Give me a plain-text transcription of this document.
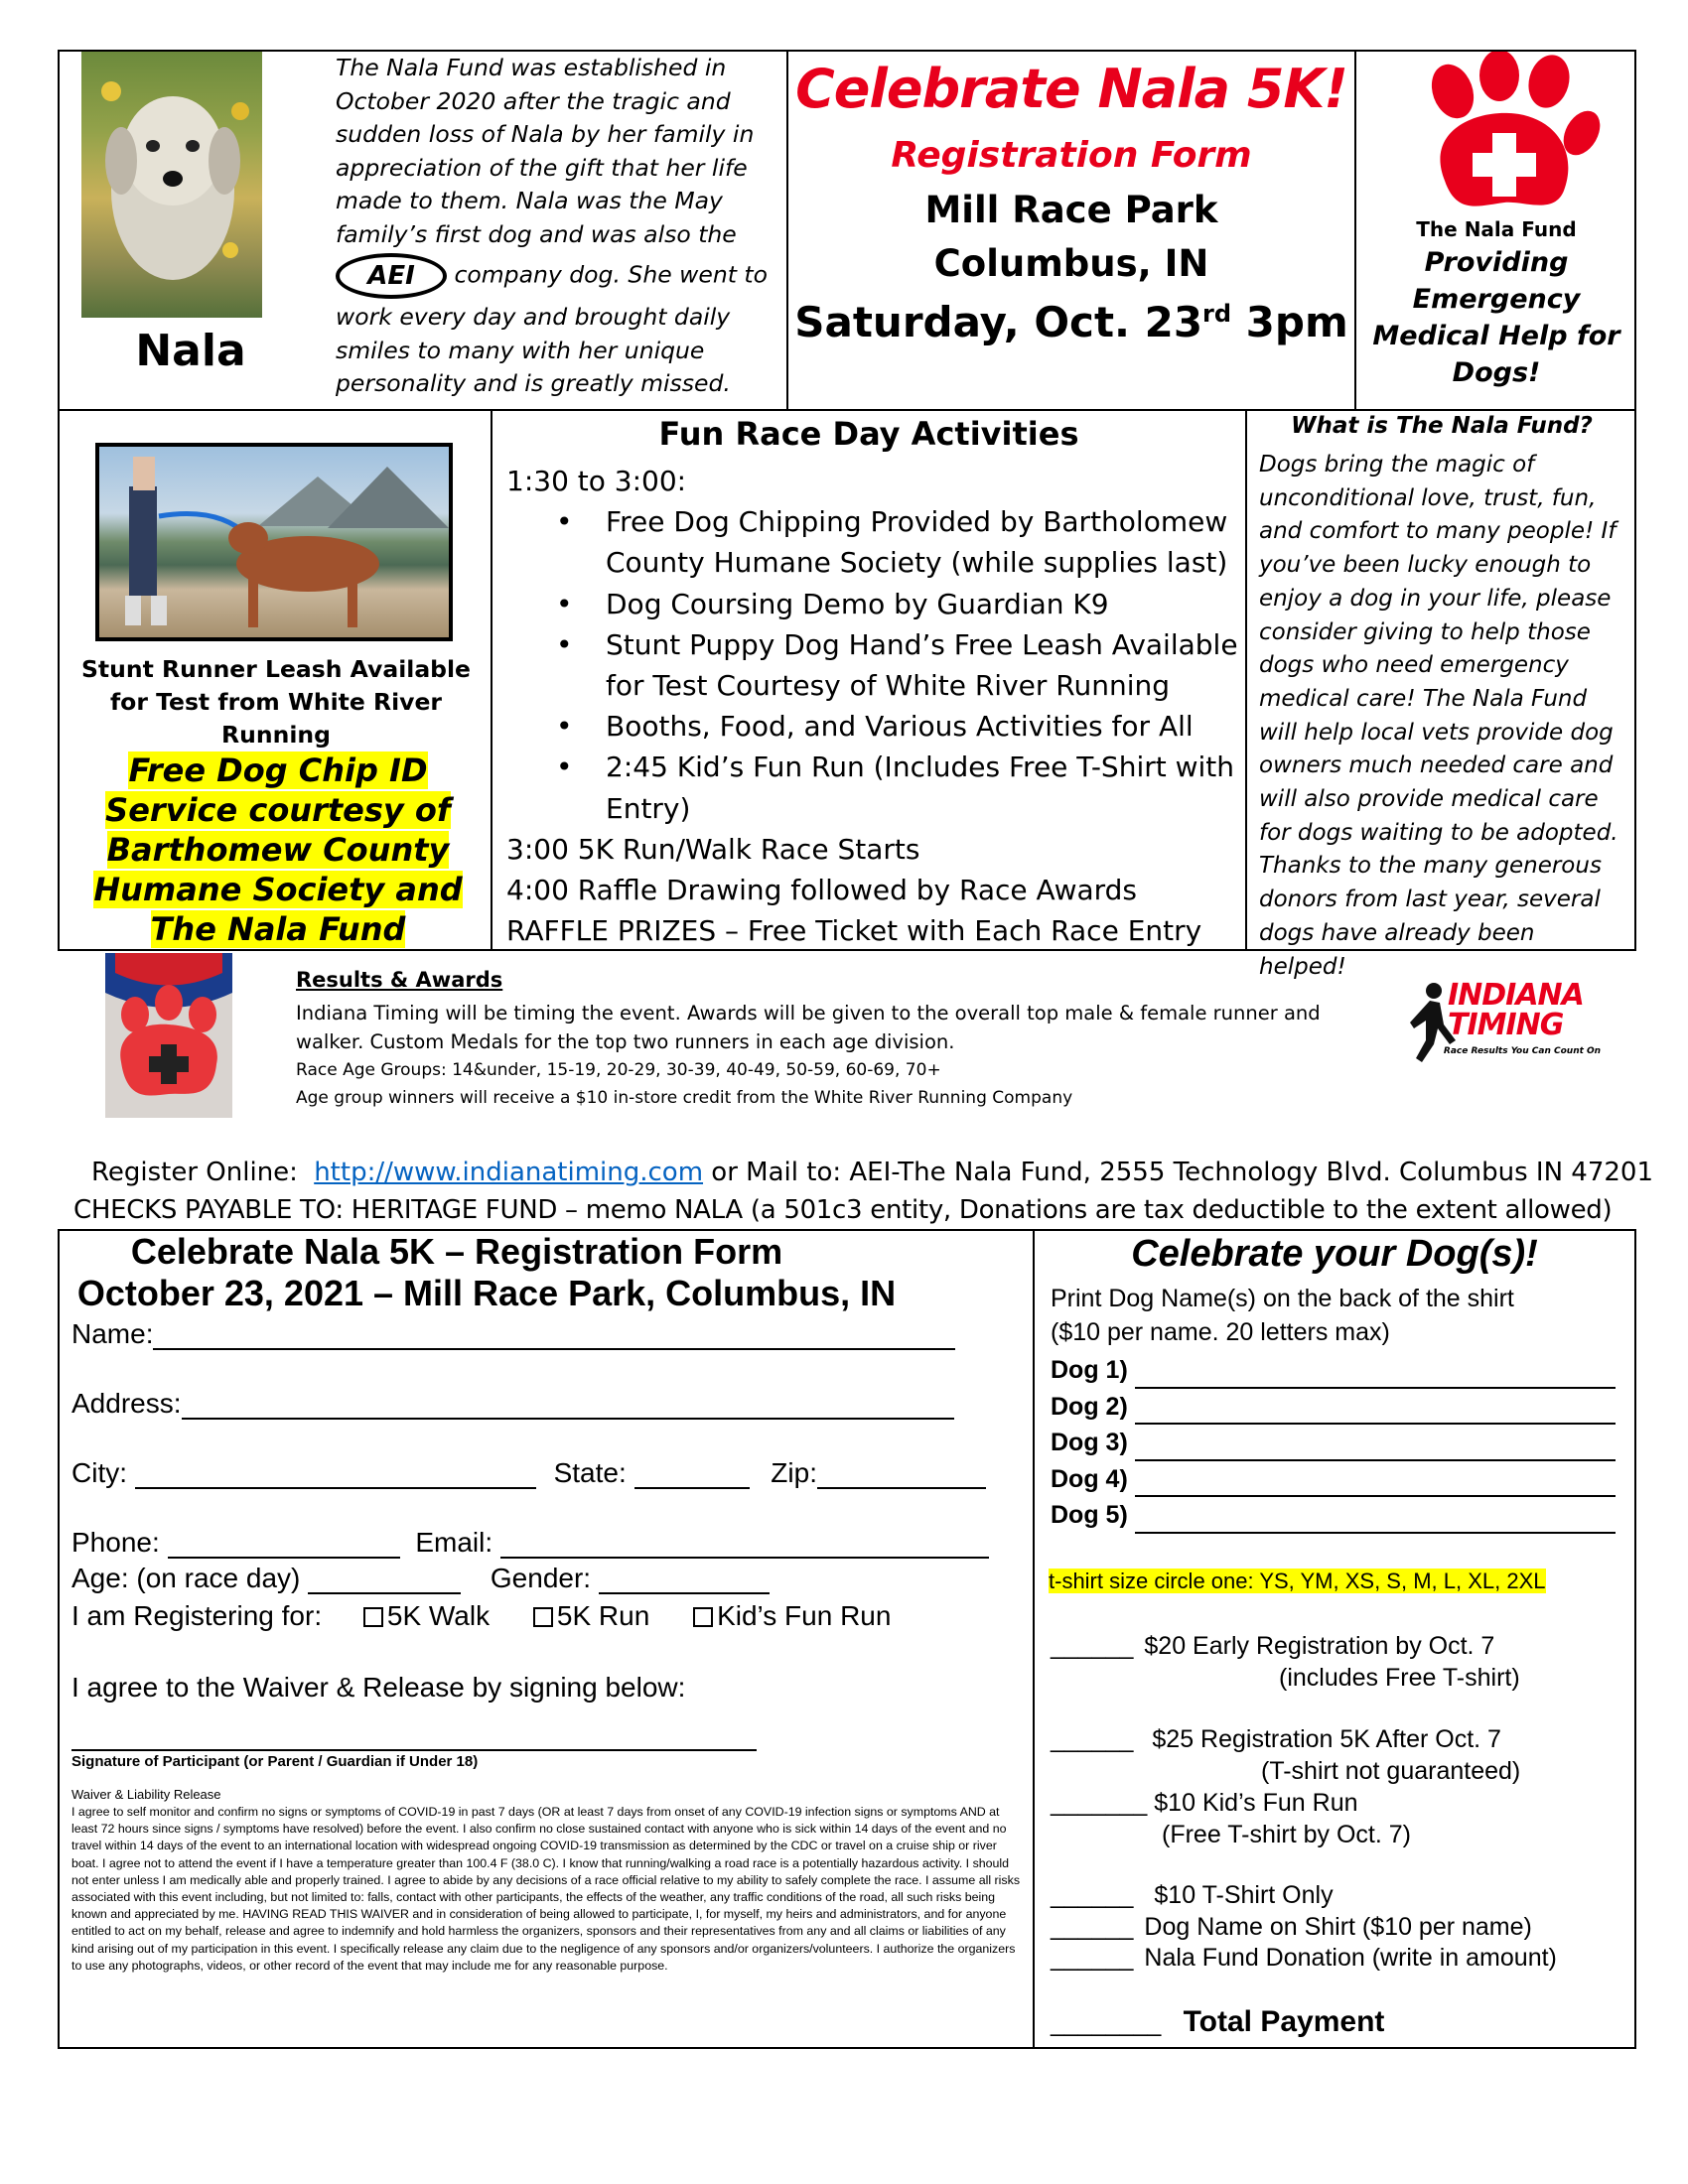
Nala
The Nala Fund was established in October 2020 after the tragic and sudden loss of Nala by her family in appreciation of the gift that her life made to them. Nala was the May family’s first dog and was also the AEI company dog. She went to work every day and brought daily smiles to many with her unique personality and is greatly missed.
Celebrate Nala 5K!
Registration Form
Mill Race Park
Columbus, IN
Saturday, Oct. 23rd 3pm
The Nala Fund
Providing Emergency Medical Help for Dogs!
Stunt Runner Leash Available for Test from White River Running
Free Dog Chip ID Service courtesy of Barthomew County Humane Society and The Nala Fund
Fun Race Day Activities
1:30 to 3:00:
• Free Dog Chipping Provided by Bartholomew County Humane Society (while supplies last)
• Dog Coursing Demo by Guardian K9
• Stunt Puppy Dog Hand’s Free Leash Available for Test Courtesy of White River Running
• Booths, Food, and Various Activities for All
• 2:45 Kid’s Fun Run (Includes Free T-Shirt with Entry)
3:00 5K Run/Walk Race Starts
4:00 Raffle Drawing followed by Race Awards
RAFFLE PRIZES – Free Ticket with Each Race Entry
What is The Nala Fund?
Dogs bring the magic of unconditional love, trust, fun, and comfort to many people! If you’ve been lucky enough to enjoy a dog in your life, please consider giving to help those dogs who need emergency medical care! The Nala Fund will help local vets provide dog owners much needed care and will also provide medical care for dogs waiting to be adopted. Thanks to the many generous donors from last year, several dogs have already been helped!
Results & Awards
Indiana Timing will be timing the event. Awards will be given to the overall top male & female runner and walker. Custom Medals for the top two runners in each age division.
Race Age Groups: 14&under, 15-19, 20-29, 30-39, 40-49, 50-59, 60-69, 70+
Age group winners will receive a $10 in-store credit from the White River Running Company
INDIANA
TIMING
Race Results You Can Count On
Register Online: http://www.indianatiming.com or Mail to: AEI-The Nala Fund, 2555 Technology Blvd. Columbus IN 47201
CHECKS PAYABLE TO: HERITAGE FUND – memo NALA (a 501c3 entity, Donations are tax deductible to the extent allowed)
Celebrate Nala 5K – Registration Form
October 23, 2021 – Mill Race Park, Columbus, IN
Name:
Address:
City:	State:	Zip:
Phone:	Email:
Age: (on race day)	Gender:
I am Registering for: 5K Walk 5K Run Kid’s Fun Run
I agree to the Waiver & Release by signing below:
Signature of Participant (or Parent / Guardian if Under 18)
Waiver & Liability Release
I agree to self monitor and confirm no signs or symptoms of COVID-19 in past 7 days (OR at least 7 days from onset of any COVID-19 infection signs or symptoms AND at least 72 hours since signs / symptoms have resolved) before the event. I also confirm no close sustained contact with anyone who is sick within 14 days of the event and no travel within 14 days of the event to an international location with widespread ongoing COVID-19 transmission as determined by the CDC or travel on a cruise ship or river boat. I agree not to attend the event if I have a temperature greater than 100.4 F (38.0 C). I know that running/walking a road race is a potentially hazardous activity. I should not enter unless I am medically able and properly trained. I agree to abide by any decisions of a race official relative to my ability to safely complete the race. I assume all risks associated with this event including, but not limited to: falls, contact with other participants, the effects of the weather, any traffic conditions of the road, all such risks being known and appreciated by me. HAVING READ THIS WAIVER and in consideration of being allowed to participate, I, for myself, my heirs and administrators, and for anyone entitled to act on my behalf, release and agree to indemnify and hold harmless the organizers, sponsors and their representatives from any and all claims or liabilities of any kind arising out of my participation in this event. I specifically release any claim due to the negligence of any sponsors and/or organizers/volunteers. I authorize the organizers to use any photographs, videos, or other record of the event that may include me for any reasonable purpose.
Celebrate your Dog(s)!
Print Dog Name(s) on the back of the shirt
($10 per name. 20 letters max)
Dog 1)
Dog 2)
Dog 3)
Dog 4)
Dog 5)
t-shirt size circle one: YS, YM, XS, S, M, L, XL, 2XL
______ $20 Early Registration by Oct. 7
(includes Free T-shirt)
______ $25 Registration 5K After Oct. 7
(T-shirt not guaranteed)
_______ $10 Kid’s Fun Run
(Free T-shirt by Oct. 7)
______ $10 T-Shirt Only
______ Dog Name on Shirt ($10 per name)
______ Nala Fund Donation (write in amount)
________ Total Payment
